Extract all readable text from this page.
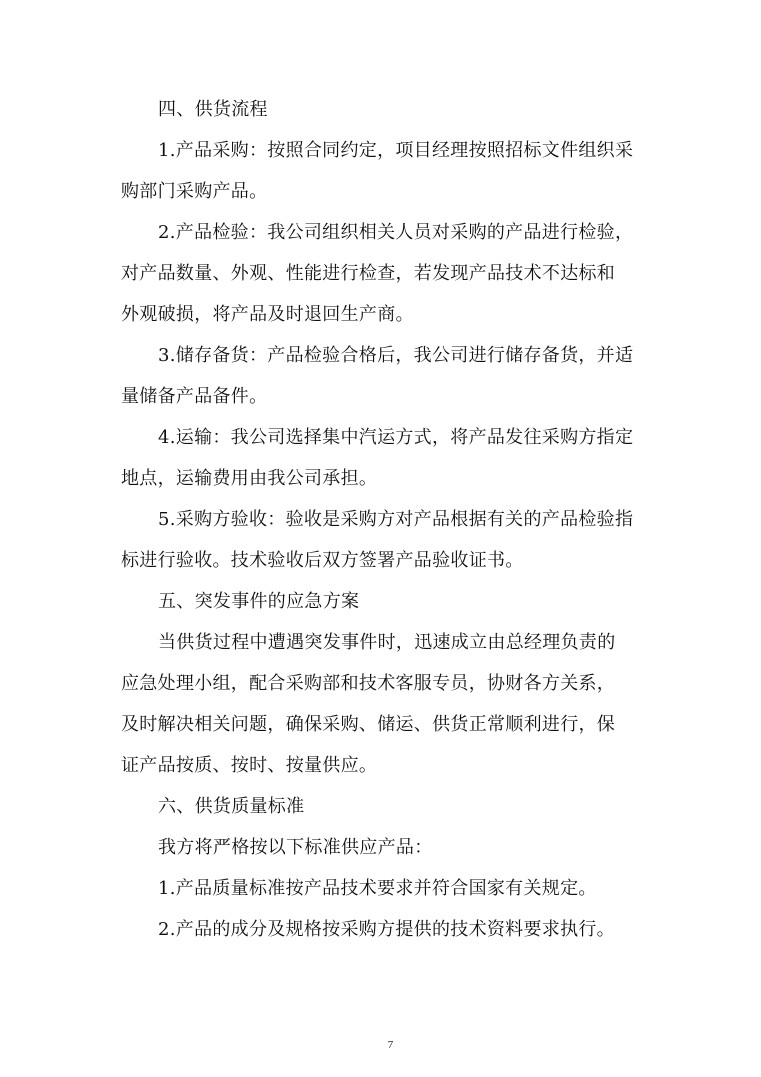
四、供货流程
1.产品采购：按照合同约定，项目经理按照招标文件组织采
购部门采购产品。
2.产品检验：我公司组织相关人员对采购的产品进行检验，
对产品数量、外观、性能进行检查，若发现产品技术不达标和
外观破损，将产品及时退回生产商。
3.储存备货：产品检验合格后，我公司进行储存备货，并适
量储备产品备件。
4.运输：我公司选择集中汽运方式，将产品发往采购方指定
地点，运输费用由我公司承担。
5.采购方验收：验收是采购方对产品根据有关的产品检验指
标进行验收。技术验收后双方签署产品验收证书。
五、突发事件的应急方案
当供货过程中遭遇突发事件时，迅速成立由总经理负责的
应急处理小组，配合采购部和技术客服专员，协财各方关系，
及时解决相关问题，确保采购、储运、供货正常顺利进行，保
证产品按质、按时、按量供应。
六、供货质量标准
我方将严格按以下标准供应产品：
1.产品质量标准按产品技术要求并符合国家有关规定。
2.产品的成分及规格按采购方提供的技术资料要求执行。
7
